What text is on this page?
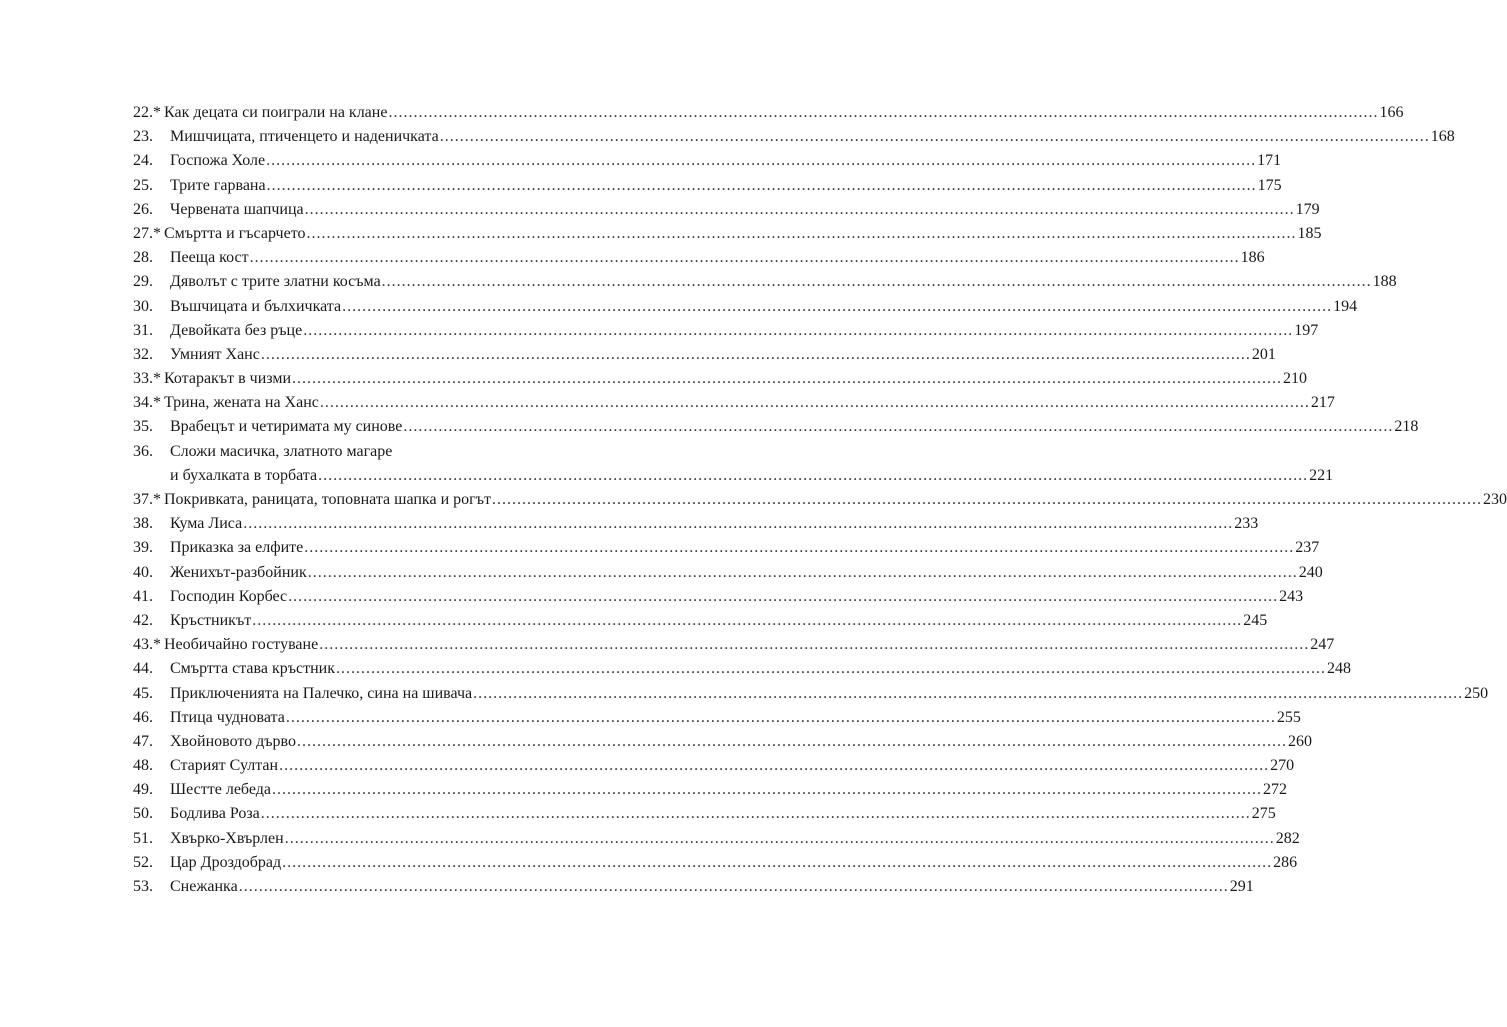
22.* Как децата си поиграли на клане .....	166
23.	Мишчицата, птиченцето и наденичката .....	168
24.	Госпожа Холе .....	171
25.	Трите гарвана .....	175
26.	Червената шапчица .....	179
27.* Смъртта и гъсарчето .....	185
28.	Пееща кост .....	186
29.	Дяволът с трите златни косъма .....	188
30.	Въшчицата и бълхичката .....	194
31.	Девойката без ръце .....	197
32.	Умният Ханс .....	201
33.* Котаракът в чизми .....	210
34.* Трина, жената на Ханс .....	217
35.	Врабецът и четиримата му синове .....	218
36.	Сложи масичка, златното магаре
и бухалката в торбата .....	221
37.* Покривката, раницата, топовната шапка и рогът .....	230
38.	Кума Лиса .....	233
39.	Приказка за елфите .....	237
40.	Женихът-разбойник .....	240
41.	Господин Корбес .....	243
42.	Кръстникът .....	245
43.* Необичайно гостуване .....	247
44.	Смъртта става кръстник .....	248
45.	Приключенията на Палечко, сина на шивача .....	250
46.	Птица чудновата .....	255
47.	Хвойновото дърво .....	260
48.	Старият Султан .....	270
49.	Шестте лебеда .....	272
50.	Бодлива Роза .....	275
51.	Хвърко-Хвърлен .....	282
52.	Цар Дроздобрад .....	286
53.	Снежанка .....	291
